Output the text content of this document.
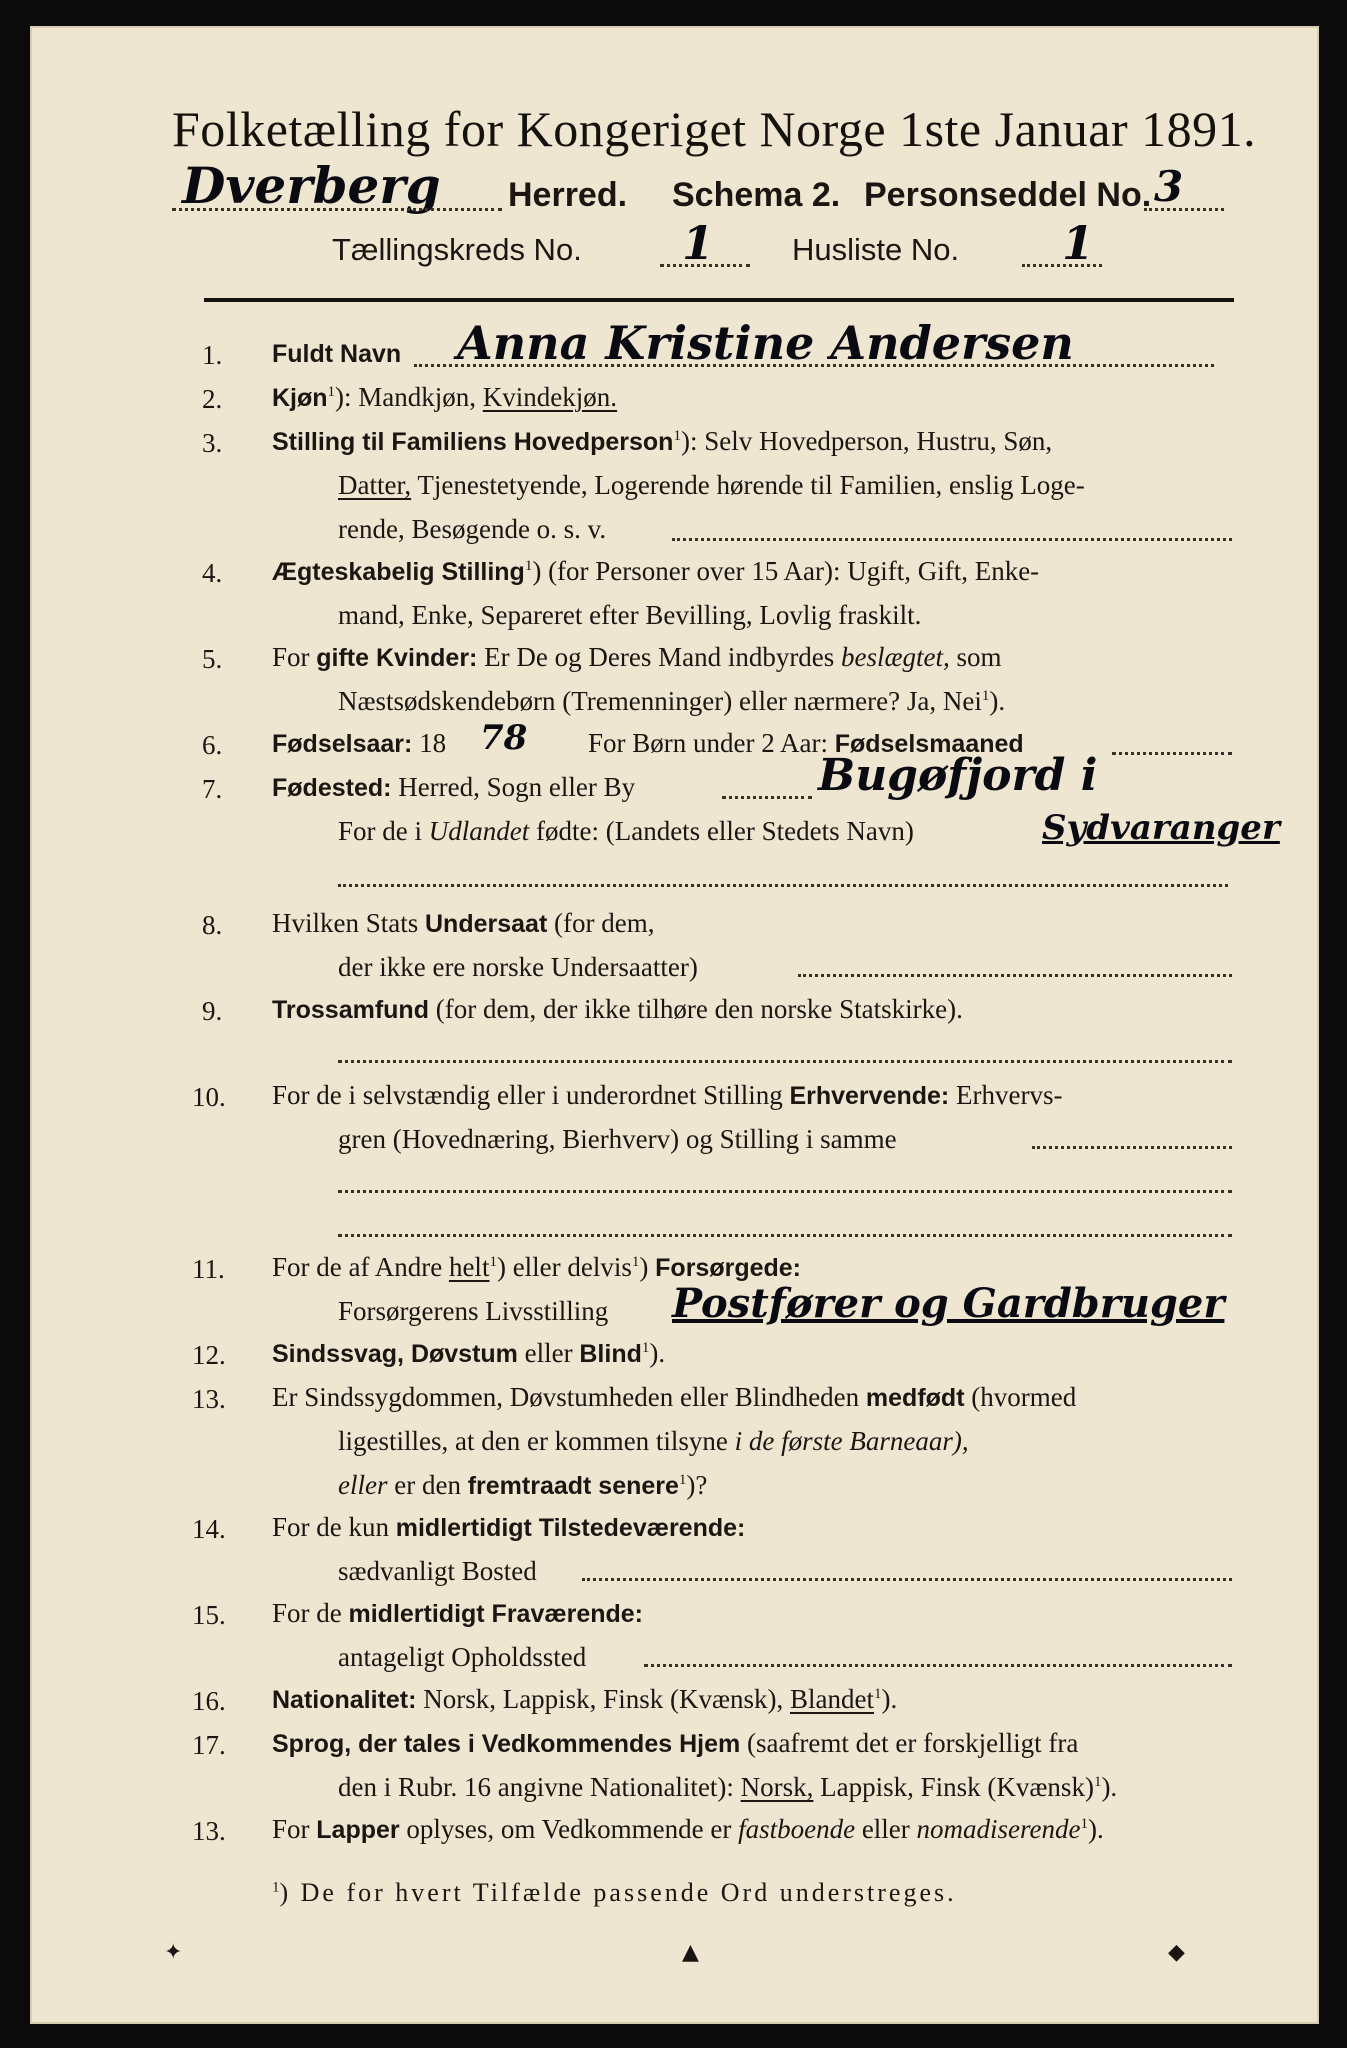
Folketælling for Kongeriget Norge 1ste Januar 1891.
Dverberg Herred. Schema 2. Personseddel No. 3
Tællingskreds No. 1	Husliste No. 1
1. Fuldt Navn Anna Kristine Andersen
2. Kjøn$^1$): Mandkjøn, Kvindekjøn.
3. Stilling til Familiens Hovedperson$^1$): Selv Hovedperson, Hustru, Søn,
Datter, Tjenestetyende, Logerende hørende til Familien, enslig Loge-
rende, Besøgende o. s. v.
4. Ægteskabelig Stilling$^1$) (for Personer over 15 Aar): Ugift, Gift, Enke-
mand, Enke, Separeret efter Bevilling, Lovlig fraskilt.
5. For gifte Kvinder: Er De og Deres Mand indbyrdes beslægtet, som
Næstsødskendebørn (Tremenninger) eller nærmere? Ja, Nei$^1$).
6. Fødselsaar: 18 78 For Børn under 2 Aar: Fødselsmaaned
7. Fødested: Herred, Sogn eller By	Bugøfjord i
For de i Udlandet fødte: (Landets eller Stedets Navn)	Sydvaranger
8. Hvilken Stats Undersaat (for dem,
der ikke ere norske Undersaatter)
9. Trossamfund (for dem, der ikke tilhøre den norske Statskirke).
10. For de i selvstændig eller i underordnet Stilling Erhvervende: Erhvervs-
gren (Hovednæring, Bierhverv) og Stilling i samme
11. For de af Andre helt$^1$) eller delvis$^1$) Forsørgede:
Forsørgerens Livsstilling Postfører og Gardbruger
12. Sindssvag, Døvstum eller Blind$^1$).
13. Er Sindssygdommen, Døvstumheden eller Blindheden medfødt (hvormed
ligestilles, at den er kommen tilsyne i de første Barneaar),
eller er den fremtraadt senere$^1$)?
14. For de kun midlertidigt Tilstedeværende:
sædvanligt Bosted
15. For de midlertidigt Fraværende:
antageligt Opholdssted
16. Nationalitet: Norsk, Lappisk, Finsk (Kvænsk), Blandet$^1$).
17. Sprog, der tales i Vedkommendes Hjem (saafremt det er forskjelligt fra
den i Rubr. 16 angivne Nationalitet): Norsk, Lappisk, Finsk (Kvænsk)$^1$).
13. For Lapper oplyses, om Vedkommende er fastboende eller nomadiserende$^1$).
$^1$) De for hvert Tilfælde passende Ord understreges.
✦	▲	◆
